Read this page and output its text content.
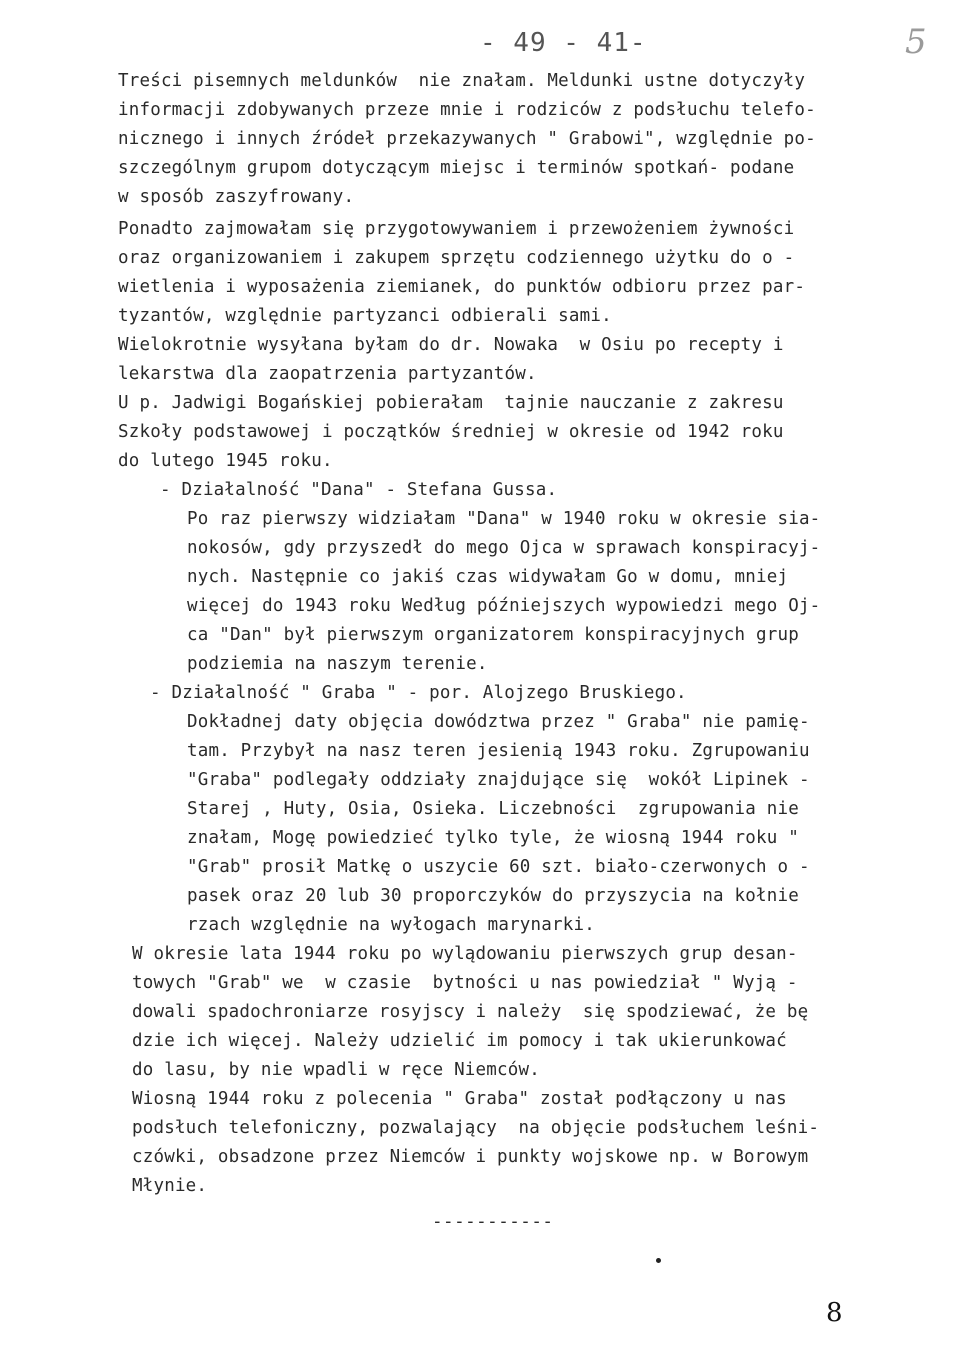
- 49 - 41-	5
Treści pisemnych meldunków  nie znałam. Meldunki ustne dotyczyły
informacji zdobywanych przeze mnie i rodziców z podsłuchu telefo-
nicznego i innych źródeł przekazywanych " Grabowi", względnie po-
szczególnym grupom dotyczącym miejsc i terminów spotkań- podane
w sposób zaszyfrowany.
Ponadto zajmowałam się przygotowywaniem i przewożeniem żywności
oraz organizowaniem i zakupem sprzętu codziennego użytku do o -
wietlenia i wyposażenia ziemianek, do punktów odbioru przez par-
tyzantów, względnie partyzanci odbierali sami.
Wielokrotnie wysyłana byłam do dr. Nowaka  w Osiu po recepty i
lekarstwa dla zaopatrzenia partyzantów.
U p. Jadwigi Bogańskiej pobierałam  tajnie nauczanie z zakresu
Szkoły podstawowej i początków średniej w okresie od 1942 roku
do lutego 1945 roku.
- Działalność "Dana" - Stefana Gussa.
Po raz pierwszy widziałam "Dana" w 1940 roku w okresie sia-
nokosów, gdy przyszedł do mego Ojca w sprawach konspiracyj-
nych. Następnie co jakiś czas widywałam Go w domu, mniej
więcej do 1943 roku Według późniejszych wypowiedzi mego Oj-
ca "Dan" był pierwszym organizatorem konspiracyjnych grup
podziemia na naszym terenie.
- Działalność " Graba " - por. Alojzego Bruskiego.
Dokładnej daty objęcia dowództwa przez " Graba" nie pamię-
tam. Przybył na nasz teren jesienią 1943 roku. Zgrupowaniu
"Graba" podlegały oddziały znajdujące się  wokół Lipinek -
Starej , Huty, Osia, Osieka. Liczebności  zgrupowania nie
znałam, Mogę powiedzieć tylko tyle, że wiosną 1944 roku "
"Grab" prosił Matkę o uszycie 60 szt. biało-czerwonych o -
pasek oraz 20 lub 30 proporczyków do przyszycia na kołnie
rzach względnie na wyłogach marynarki.
W okresie lata 1944 roku po wylądowaniu pierwszych grup desan-
towych "Grab" we  w czasie  bytności u nas powiedział " Wyją -
dowali spadochroniarze rosyjscy i należy  się spodziewać, że bę
dzie ich więcej. Należy udzielić im pomocy i tak ukierunkować
do lasu, by nie wpadli w ręce Niemców.
Wiosną 1944 roku z polecenia " Graba" został podłączony u nas
podsłuch telefoniczny, pozwalający  na objęcie podsłuchem leśni-
czówki, obsadzone przez Niemców i punkty wojskowe np. w Borowym
Młynie.
-----------
8
